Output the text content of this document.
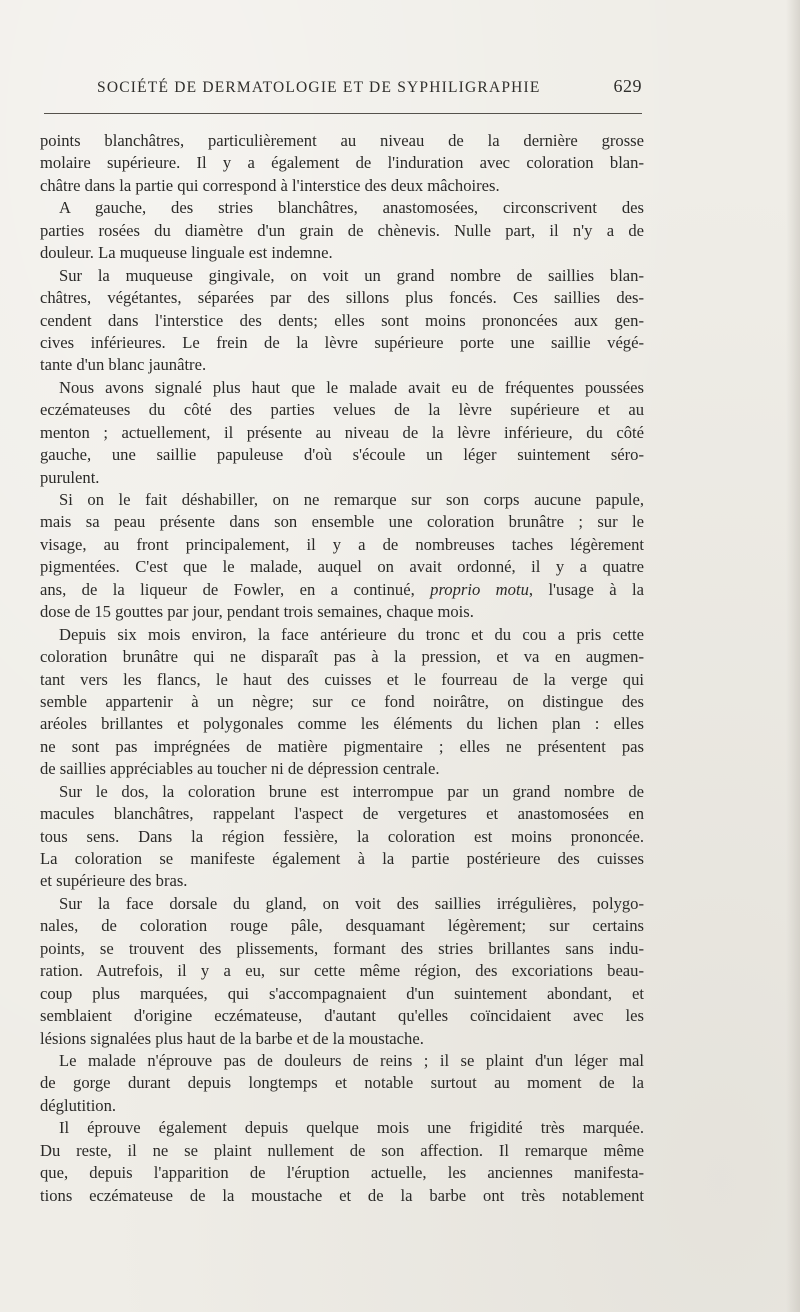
SOCIÉTÉ DE DERMATOLOGIE ET DE SYPHILIGRAPHIE	629
points blanchâtres, particulièrement au niveau de la dernière grosse
molaire supérieure. Il y a également de l'induration avec coloration blan-
châtre dans la partie qui correspond à l'interstice des deux mâchoires.
A gauche, des stries blanchâtres, anastomosées, circonscrivent des
parties rosées du diamètre d'un grain de chènevis. Nulle part, il n'y a de
douleur. La muqueuse linguale est indemne.
Sur la muqueuse gingivale, on voit un grand nombre de saillies blan-
châtres, végétantes, séparées par des sillons plus foncés. Ces saillies des-
cendent dans l'interstice des dents; elles sont moins prononcées aux gen-
cives inférieures. Le frein de la lèvre supérieure porte une saillie végé-
tante d'un blanc jaunâtre.
Nous avons signalé plus haut que le malade avait eu de fréquentes poussées
eczémateuses du côté des parties velues de la lèvre supérieure et au
menton ; actuellement, il présente au niveau de la lèvre inférieure, du côté
gauche, une saillie papuleuse d'où s'écoule un léger suintement séro-
purulent.
Si on le fait déshabiller, on ne remarque sur son corps aucune papule,
mais sa peau présente dans son ensemble une coloration brunâtre ; sur le
visage, au front principalement, il y a de nombreuses taches légèrement
pigmentées. C'est que le malade, auquel on avait ordonné, il y a quatre
ans, de la liqueur de Fowler, en a continué, proprio motu, l'usage à la
dose de 15 gouttes par jour, pendant trois semaines, chaque mois.
Depuis six mois environ, la face antérieure du tronc et du cou a pris cette
coloration brunâtre qui ne disparaît pas à la pression, et va en augmen-
tant vers les flancs, le haut des cuisses et le fourreau de la verge qui
semble appartenir à un nègre; sur ce fond noirâtre, on distingue des
aréoles brillantes et polygonales comme les éléments du lichen plan : elles
ne sont pas imprégnées de matière pigmentaire ; elles ne présentent pas
de saillies appréciables au toucher ni de dépression centrale.
Sur le dos, la coloration brune est interrompue par un grand nombre de
macules blanchâtres, rappelant l'aspect de vergetures et anastomosées en
tous sens. Dans la région fessière, la coloration est moins prononcée.
La coloration se manifeste également à la partie postérieure des cuisses
et supérieure des bras.
Sur la face dorsale du gland, on voit des saillies irrégulières, polygo-
nales, de coloration rouge pâle, desquamant légèrement; sur certains
points, se trouvent des plissements, formant des stries brillantes sans indu-
ration. Autrefois, il y a eu, sur cette même région, des excoriations beau-
coup plus marquées, qui s'accompagnaient d'un suintement abondant, et
semblaient d'origine eczémateuse, d'autant qu'elles coïncidaient avec les
lésions signalées plus haut de la barbe et de la moustache.
Le malade n'éprouve pas de douleurs de reins ; il se plaint d'un léger mal
de gorge durant depuis longtemps et notable surtout au moment de la
déglutition.
Il éprouve également depuis quelque mois une frigidité très marquée.
Du reste, il ne se plaint nullement de son affection. Il remarque même
que, depuis l'apparition de l'éruption actuelle, les anciennes manifesta-
tions eczémateuse de la moustache et de la barbe ont très notablement
